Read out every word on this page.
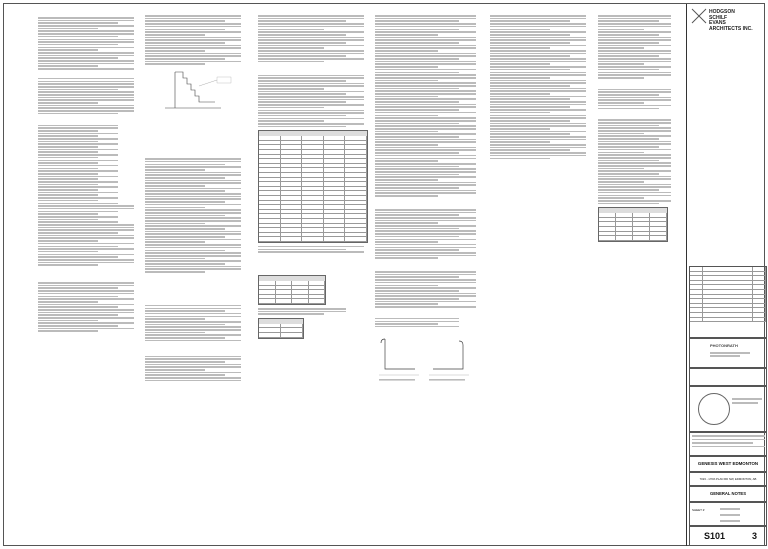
HODGSON
SCHILF
EVANS
ARCHITECTS INC.
PHOTONRATH
GENESIS WEST EDMONTON
7023 - 170th PLAN RD NW, EDMONTON, AB
GENERAL NOTES
SHEET #
S101	3
